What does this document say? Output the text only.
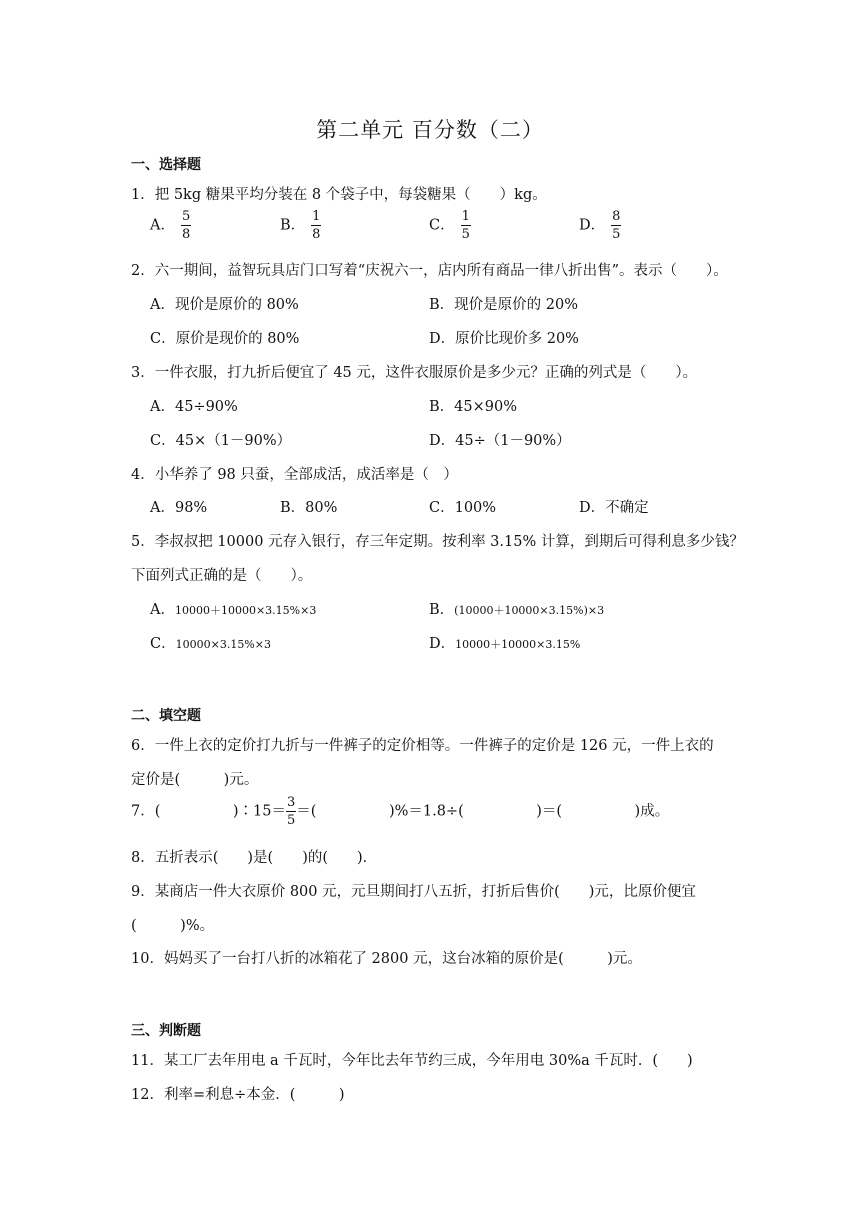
第二单元 百分数（二）
一、选择题
1．把 5kg 糖果平均分装在 8 个袋子中，每袋糖果（　　）kg。
A． $\frac{5}{8}$	B． $\frac{1}{8}$	C． $\frac{1}{5}$	D． $\frac{8}{5}$
2．六一期间，益智玩具店门口写着“庆祝六一，店内所有商品一律八折出售”。表示（　　）。
A．现价是原价的 80%	B．现价是原价的 20%
C．原价是现价的 80%	D．原价比现价多 20%
3．一件衣服，打九折后便宜了 45 元，这件衣服原价是多少元？正确的列式是（　　）。
A．45÷90%	B．45×90%
C．45×（1－90%）	D．45÷（1－90%）
4．小华养了 98 只蚕，全部成活，成活率是（　）
A．98%	B．80%	C．100%	D．不确定
5．李叔叔把 10000 元存入银行，存三年定期。按利率 3.15% 计算，到期后可得利息多少钱？
下面列式正确的是（　　）。
A．10000＋10000×3.15%×3	B．(10000＋10000×3.15%)×3
C．10000×3.15%×3	D．10000＋10000×3.15%
二、填空题
6．一件上衣的定价打九折与一件裤子的定价相等。一件裤子的定价是 126 元，一件上衣的
定价是(　　　)元。
7．(　　　　　)∶15＝ $\frac{3}{5}$ ＝(　　　　　)%＝1.8÷(　　　　　)＝(　　　　　)成。
8．五折表示(　　)是(　　)的(　　)．
9．某商店一件大衣原价 800 元，元旦期间打八五折，打折后售价(　　)元，比原价便宜
(　　　)%。
10．妈妈买了一台打八折的冰箱花了 2800 元，这台冰箱的原价是(　　　)元。
三、判断题
11．某工厂去年用电 a 千瓦时，今年比去年节约三成，今年用电 30%a 千瓦时．(　　)
12．利率=利息÷本金．(　　　)
